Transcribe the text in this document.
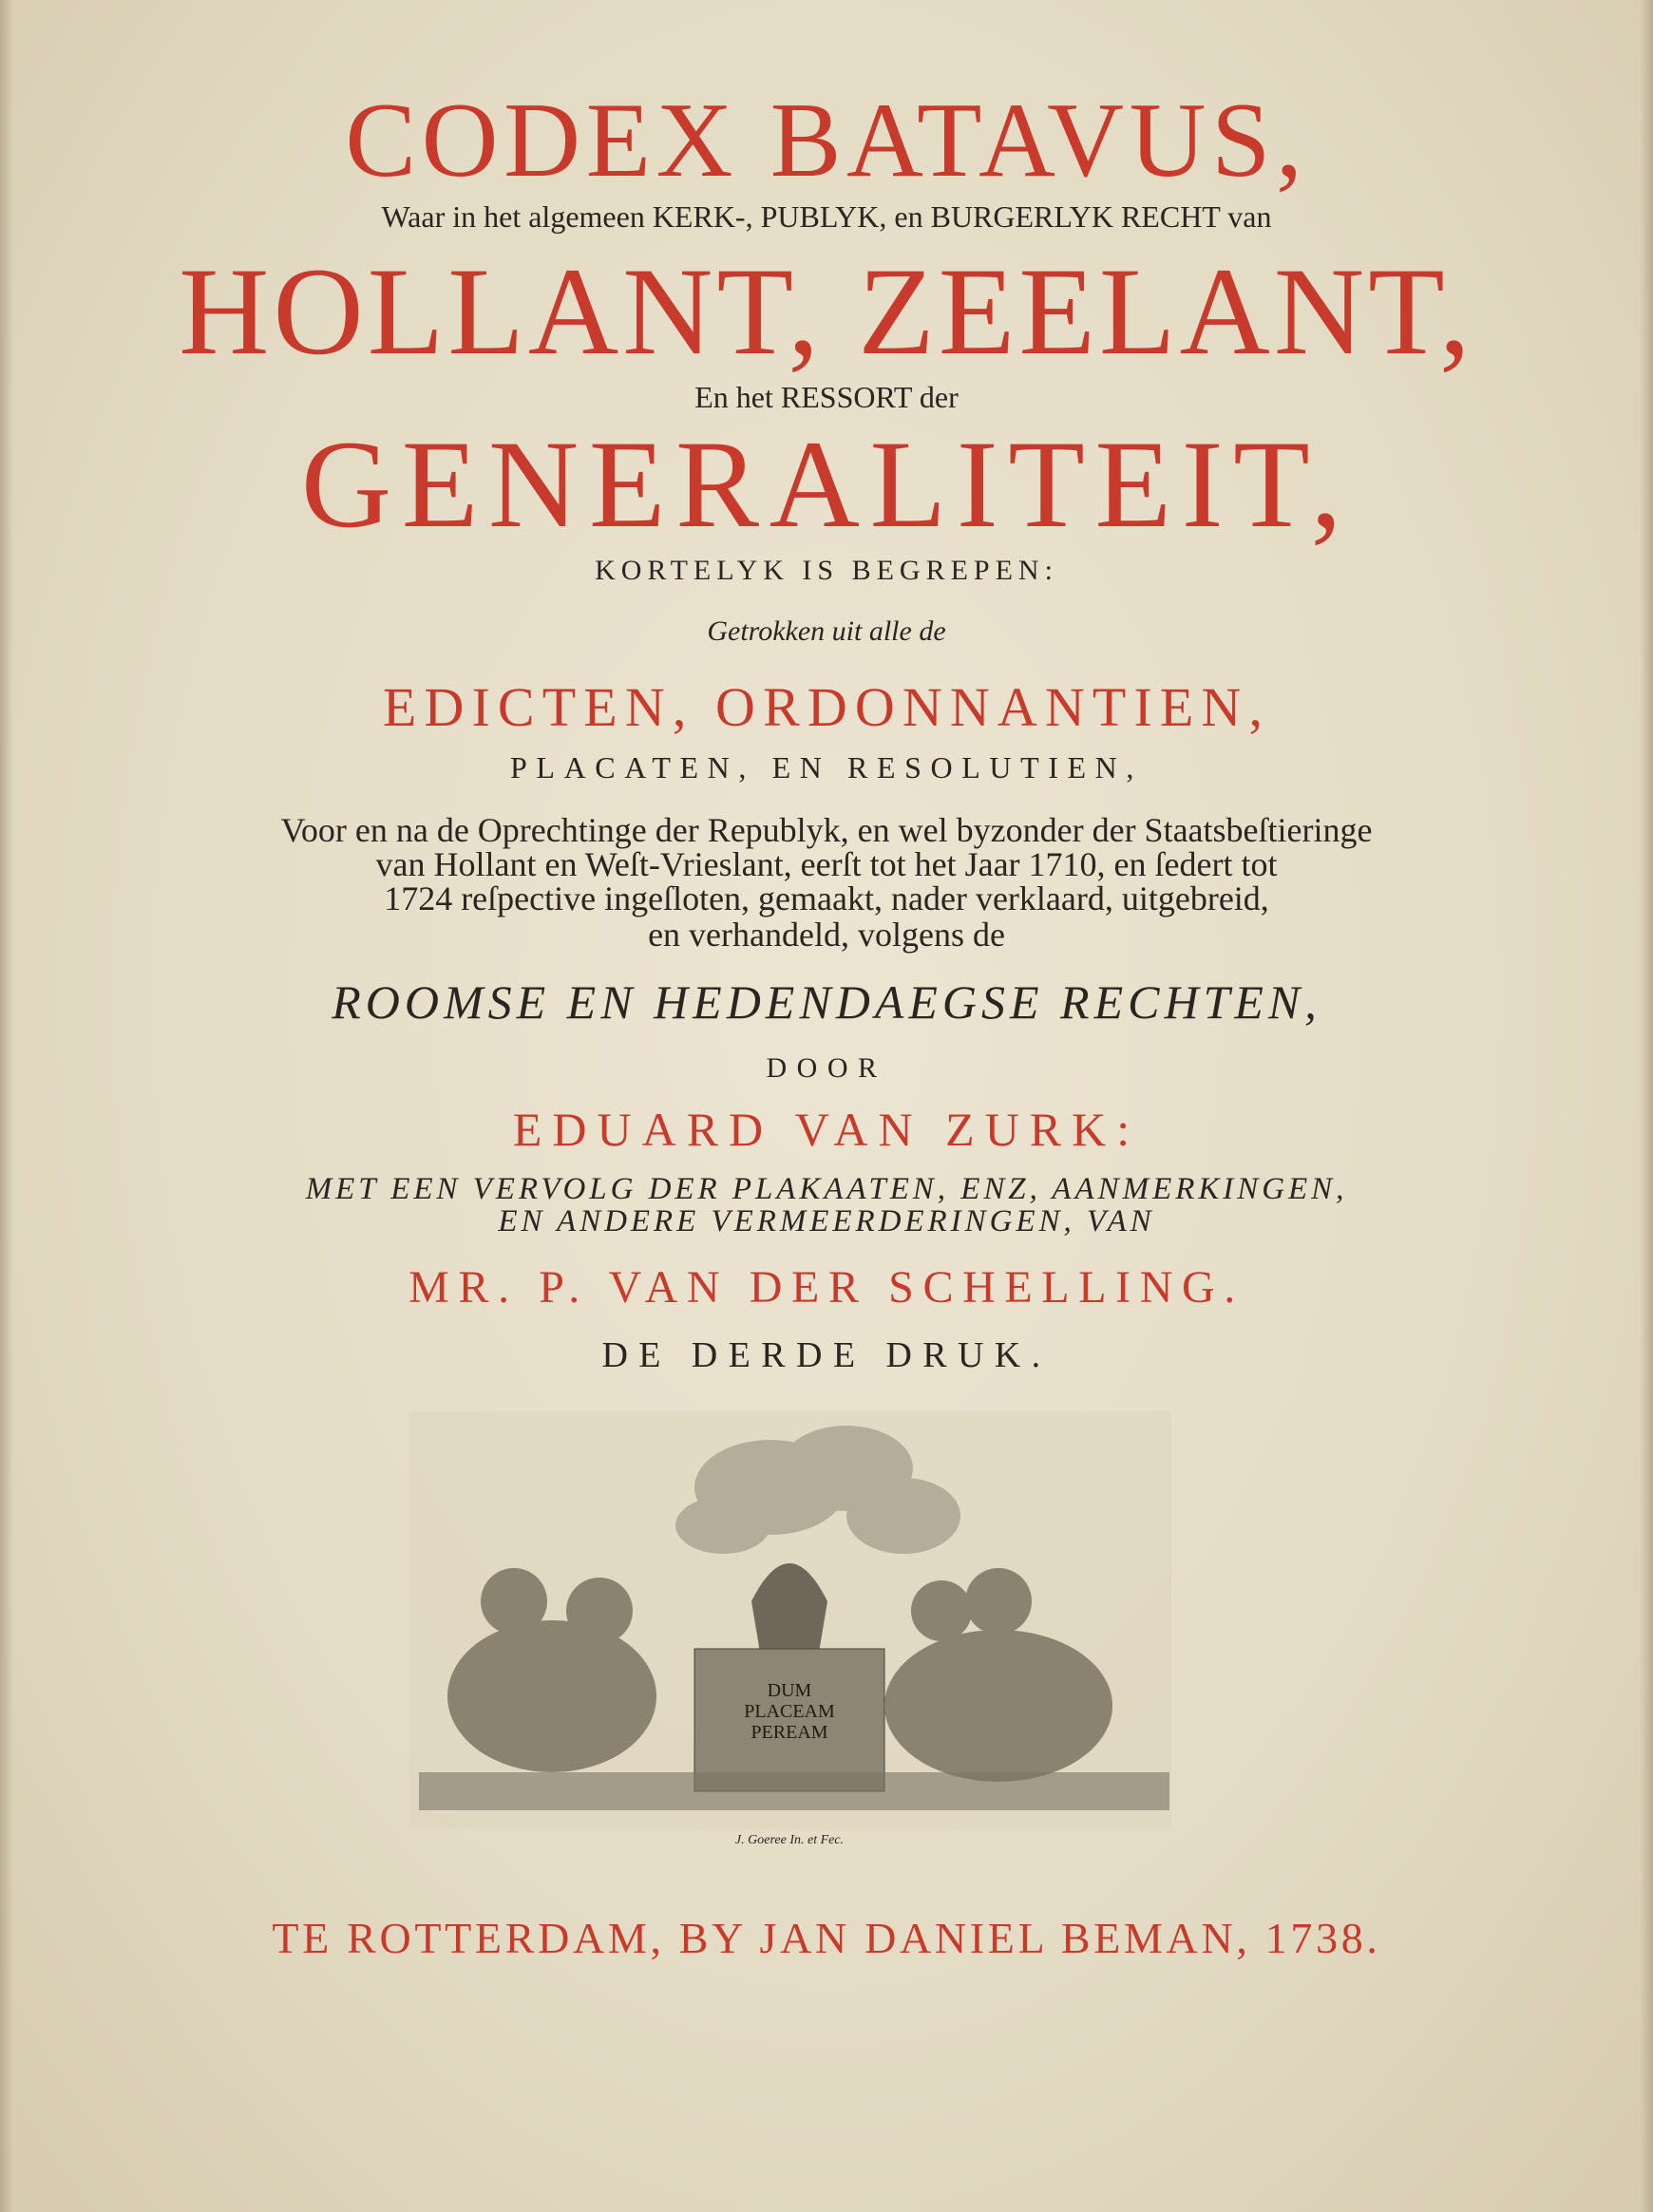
CODEX BATAVUS,
Waar in het algemeen KERK-, PUBLYK, en BURGERLYK RECHT van
HOLLANT, ZEELANT,
En het RESSORT der
GENERALITEIT,
KORTELYK IS BEGREPEN:
Getrokken uit alle de
EDICTEN, ORDONNANTIEN,
PLACATEN, EN RESOLUTIEN,
Voor en na de Oprechtinge der Republyk, en wel byzonder der Staatsbeſtieringe
van Hollant en Weſt-Vrieslant, eerſt tot het Jaar 1710, en ſedert tot
1724 reſpective ingeſloten, gemaakt, nader verklaard, uitgebreid,
en verhandeld, volgens de
ROOMSE EN HEDENDAEGSE RECHTEN,
DOOR
EDUARD VAN ZURK:
MET EEN VERVOLG DER PLAKAATEN, ENZ, AANMERKINGEN,
EN ANDERE VERMEERDERINGEN, VAN
MR. P. VAN DER SCHELLING.
DE DERDE DRUK.
DUM
PLACEAM
PEREAM
J. Goeree In. et Fec.
TE ROTTERDAM, BY JAN DANIEL BEMAN, 1738.
